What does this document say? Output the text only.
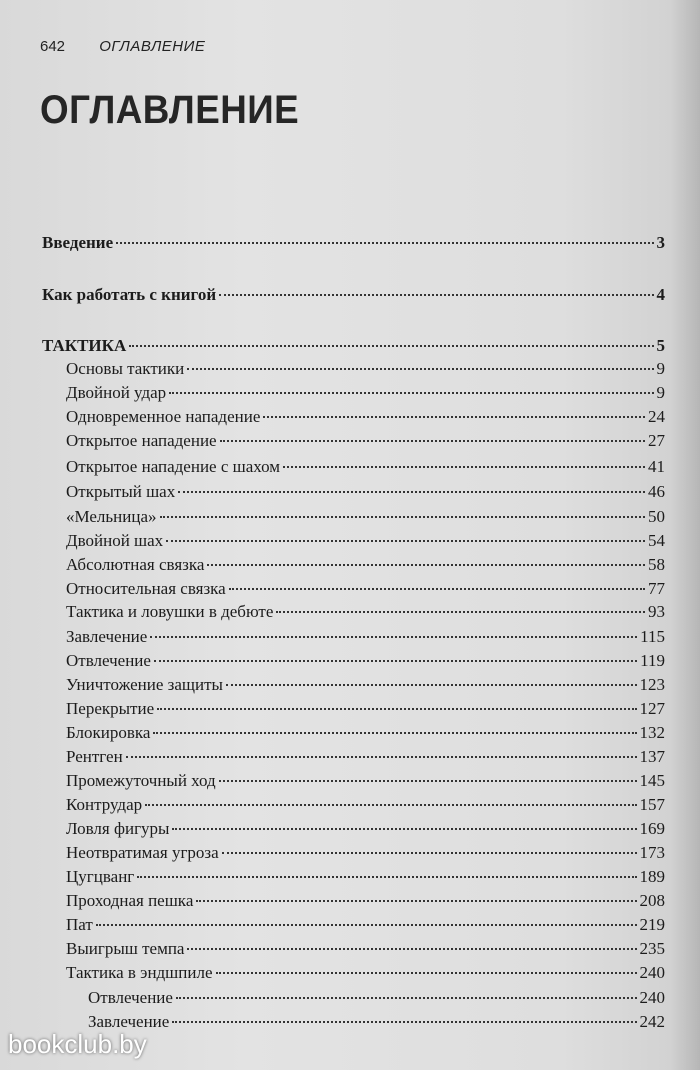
642 ОГЛАВЛЕНИЕ
ОГЛАВЛЕНИЕ
Введение	3
Как работать с книгой	4
ТАКТИКА	5
Основы тактики	9
Двойной удар	9
Одновременное нападение	24
Открытое нападение	27
Открытое нападение с шахом	41
Открытый шах	46
«Мельница»	50
Двойной шах	54
Абсолютная связка	58
Относительная связка	77
Тактика и ловушки в дебюте	93
Завлечение	115
Отвлечение	119
Уничтожение защиты	123
Перекрытие	127
Блокировка	132
Рентген	137
Промежуточный ход	145
Контрудар	157
Ловля фигуры	169
Неотвратимая угроза	173
Цугцванг	189
Проходная пешка	208
Пат	219
Выигрыш темпа	235
Тактика в эндшпиле	240
Отвлечение	240
Завлечение	242
bookclub.by
